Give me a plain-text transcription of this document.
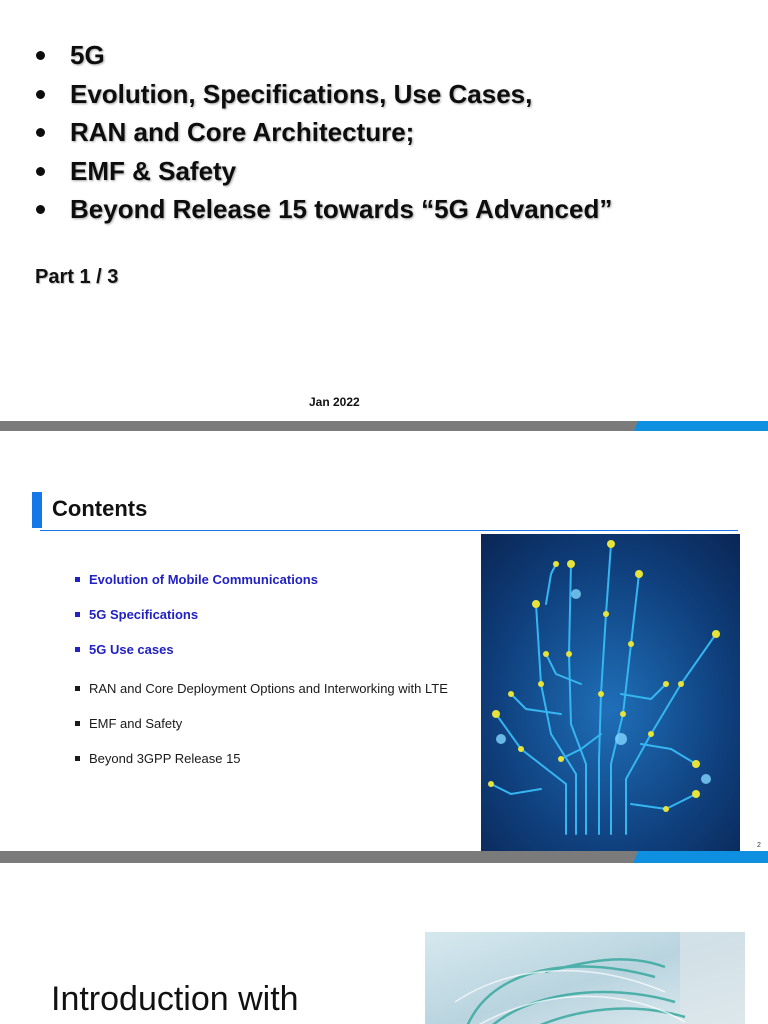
5G
Evolution, Specifications, Use Cases,
RAN and Core Architecture;
EMF & Safety
Beyond Release 15 towards “5G Advanced”
Part 1 / 3
Jan 2022
Contents
Evolution of Mobile Communications
5G Specifications
5G Use cases
RAN and Core Deployment Options and Interworking with LTE
EMF and Safety
Beyond 3GPP Release 15
2
Introduction with
